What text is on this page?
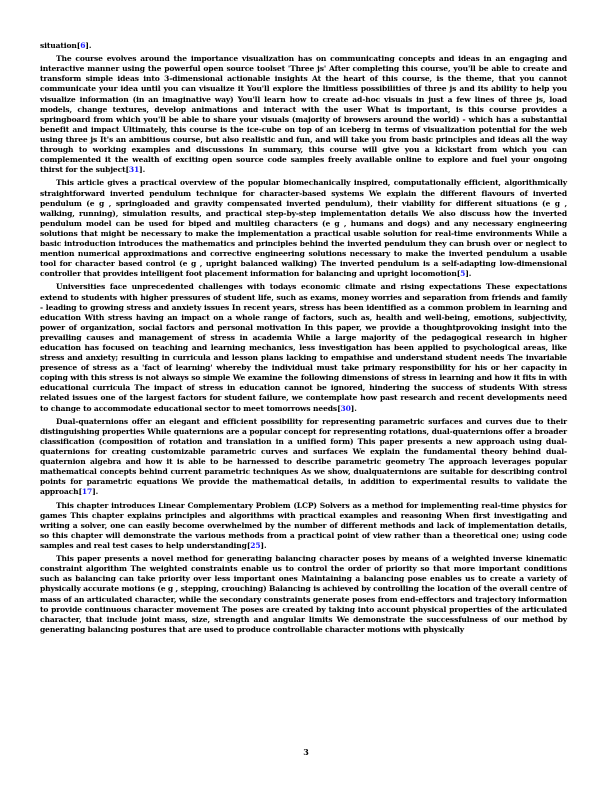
situation[6].

The course evolves around the importance visualization has on communicating concepts and ideas in an engaging and interactive manner using the powerful open source toolset 'Three js' After completing this course, you'll be able to create and transform simple ideas into 3-dimensional actionable insights At the heart of this course, is the theme, that you cannot communicate your idea until you can visualize it You'll explore the limitless possibilities of three js and its ability to help you visualize information (in an imaginative way) You'll learn how to create ad-hoc visuals in just a few lines of three js, load models, change textures, develop animations and interact with the user What is important, is this course provides a springboard from which you'll be able to share your visuals (majority of browsers around the world) - which has a substantial benefit and impact Ultimately, this course is the ice-cube on top of an iceberg in terms of visualization potential for the web using three js It's an ambitious course, but also realistic and fun, and will take you from basic principles and ideas all the way through to working examples and discussions In summary, this course will give you a kickstart from which you can complemented it the wealth of exciting open source code samples freely available online to explore and fuel your ongoing thirst for the subject[31].

This article gives a practical overview of the popular biomechanically inspired, computationally efficient, algorithmically straightforward inverted pendulum technique for character-based systems We explain the different flavours of inverted pendulum (e g , springloaded and gravity compensated inverted pendulum), their viability for different situations (e g , walking, running), simulation results, and practical step-by-step implementation details We also discuss how the inverted pendulum model can be used for biped and multileg characters (e g , humans and dogs) and any necessary engineering solutions that might be necessary to make the implementation a practical usable solution for real-time environments While a basic introduction introduces the mathematics and principles behind the inverted pendulum they can brush over or neglect to mention numerical approximations and corrective engineering solutions necessary to make the inverted pendulum a usable tool for character based control (e g , upright balanced walking) The inverted pendulum is a self-adapting low-dimensional controller that provides intelligent foot placement information for balancing and upright locomotion[5].

Universities face unprecedented challenges with todays economic climate and rising expectations These expectations extend to students with higher pressures of student life, such as exams, money worries and separation from friends and family - leading to growing stress and anxiety issues In recent years, stress has been identified as a common problem in learning and education With stress having an impact on a whole range of factors, such as, health and well-being, emotions, subjectivity, power of organization, social factors and personal motivation In this paper, we provide a thoughtprovoking insight into the prevailing causes and management of stress in academia While a large majority of the pedagogical research in higher education has focused on teaching and learning mechanics, less investigation has been applied to psychological areas, like stress and anxiety; resulting in curricula and lesson plans lacking to empathise and understand student needs The invariable presence of stress as a 'fact of learning' whereby the individual must take primary responsibility for his or her capacity in coping with this stress is not always so simple We examine the following dimensions of stress in learning and how it fits in with educational curricula The impact of stress in education cannot be ignored, hindering the success of students With stress related issues one of the largest factors for student failure, we contemplate how past research and recent developments need to change to accommodate educational sector to meet tomorrows needs[30].

Dual-quaternions offer an elegant and efficient possibility for representing parametric surfaces and curves due to their distinguishing properties While quaternions are a popular concept for representing rotations, dual-quaternions offer a broader classification (composition of rotation and translation in a unified form) This paper presents a new approach using dual-quaternions for creating customizable parametric curves and surfaces We explain the fundamental theory behind dual-quaternion algebra and how it is able to be harnessed to describe parametric geometry The approach leverages popular mathematical concepts behind current parametric techniques As we show, dualquaternions are suitable for describing control points for parametric equations We provide the mathematical details, in addition to experimental results to validate the approach[17].

This chapter introduces Linear Complementary Problem (LCP) Solvers as a method for implementing real-time physics for games This chapter explains principles and algorithms with practical examples and reasoning When first investigating and writing a solver, one can easily become overwhelmed by the number of different methods and lack of implementation details, so this chapter will demonstrate the various methods from a practical point of view rather than a theoretical one; using code samples and real test cases to help understanding[25].

This paper presents a novel method for generating balancing character poses by means of a weighted inverse kinematic constraint algorithm The weighted constraints enable us to control the order of priority so that more important conditions such as balancing can take priority over less important ones Maintaining a balancing pose enables us to create a variety of physically accurate motions (e g , stepping, crouching) Balancing is achieved by controlling the location of the overall centre of mass of an articulated character, while the secondary constraints generate poses from end-effectors and trajectory information to provide continuous character movement The poses are created by taking into account physical properties of the articulated character, that include joint mass, size, strength and angular limits We demonstrate the successfulness of our method by generating balancing postures that are used to produce controllable character motions with physically

3
